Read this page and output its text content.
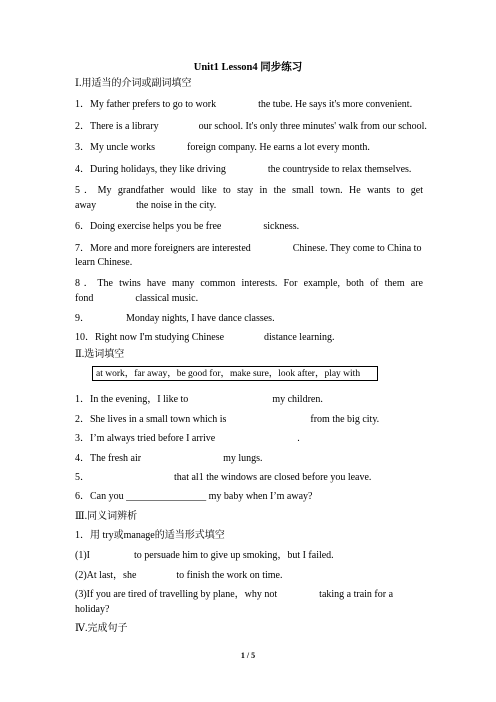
Unit1 Lesson4 同步练习
Ⅰ.用适当的介词或副词填空
1．My father prefers to go to work	the tube. He says it's more convenient.
2．There is a library	our school. It's only three minutes' walk from our school.
3．My uncle works	foreign company. He earns a lot every month.
4．During holidays, they like driving	the countryside to relax themselves.
5．My grandfather would like to stay in the small town. He wants to get
away	the noise in the city.
6．Doing exercise helps you be free	sickness.
7．More and more foreigners are interested	Chinese. They come to China to
learn Chinese.
8．The twins have many common interests. For example, both of them are
fond	classical music.
9．	Monday nights, I have dance classes.
10．Right now I'm studying Chinese	distance learning.
Ⅱ.选词填空
at work，far away，be good for，make sure，look after，play with
1．In the evening，I like to	my children.
2．She lives in a small town which is	from the big city.
3．I’m always tried before I arrive	.
4．The fresh air	my lungs.
5．	that al1 the windows are closed before you leave.
6．Can you ________________ my baby when I’m away?
Ⅲ.同义词辨析
1．用 try或manage的适当形式填空
(1)I	to persuade him to give up smoking，but I failed.
(2)At last，she	to finish the work on time.
(3)If you are tired of travelling by plane，why not	taking a train for a
holiday?
Ⅳ.完成句子
1 / 5
